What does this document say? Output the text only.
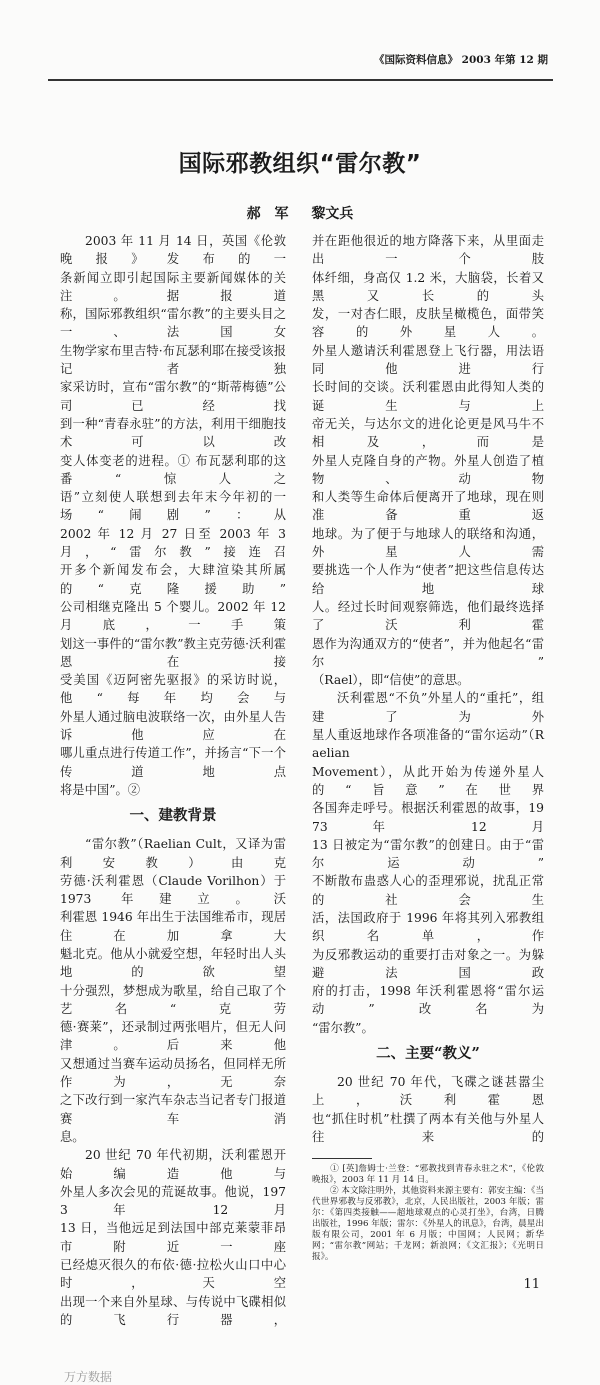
《国际资料信息》 2003 年第 12 期
国际邪教组织“雷尔教”
郝　军 黎文兵
2003 年 11 月 14 日，英国《伦敦晚报》发布的一
条新闻立即引起国际主要新闻媒体的关注。据报道
称，国际邪教组织“雷尔教”的主要头目之一、法国女
生物学家布里吉特·布瓦瑟利耶在接受该报记者独
家采访时，宣布“雷尔教”的“斯蒂梅德”公司已经找
到一种“青春永驻”的方法，利用干细胞技术可以改
变人体变老的进程。① 布瓦瑟利耶的这番“惊人之
语”立刻使人联想到去年末今年初的一场“闹剧”：从
2002 年 12 月 27 日至 2003 年 3 月，“雷尔教”接连召
开多个新闻发布会，大肆渲染其所属的“克隆援助”
公司相继克隆出 5 个婴儿。2002 年 12 月底，一手策
划这一事件的“雷尔教”教主克劳德·沃利霍恩在接
受美国《迈阿密先驱报》的采访时说，他“每年均会与
外星人通过脑电波联络一次，由外星人告诉他应在
哪儿重点进行传道工作”，并扬言“下一个传道地点
将是中国”。②
一、建教背景
“雷尔教”（Raelian Cult，又译为雷利安教）由克
劳德·沃利霍恩（Claude Vorilhon）于 1973 年建立。沃
利霍恩 1946 年出生于法国维希市，现居住在加拿大
魁北克。他从小就爱空想，年轻时出人头地的欲望
十分强烈，梦想成为歌星，给自己取了个艺名“克劳
德·赛莱”，还录制过两张唱片，但无人问津。后来他
又想通过当赛车运动员扬名，但同样无所作为，无奈
之下改行到一家汽车杂志当记者专门报道赛车消
息。
20 世纪 70 年代初期，沃利霍恩开始编造他与
外星人多次会见的荒诞故事。他说，1973 年 12 月
13 日，当他远足到法国中部克莱蒙菲昂市附近一座
已经熄灭很久的布依·德·拉松火山口中心时，天空
出现一个来自外星球、与传说中飞碟相似的飞行器，
万方数据
并在距他很近的地方降落下来，从里面走出一个肢
体纤细，身高仅 1.2 米，大脑袋，长着又黑又长的头
发，一对杏仁眼，皮肤呈橄榄色，面带笑容的外星人。
外星人邀请沃利霍恩登上飞行器，用法语同他进行
长时间的交谈。沃利霍恩由此得知人类的诞生与上
帝无关，与达尔文的进化论更是风马牛不相及，而是
外星人克隆自身的产物。外星人创造了植物、动物
和人类等生命体后便离开了地球，现在则准备重返
地球。为了便于与地球人的联络和沟通，外星人需
要挑选一个人作为“使者”把这些信息传达给地球
人。经过长时间观察筛选，他们最终选择了沃利霍
恩作为沟通双方的“使者”，并为他起名“雷尔”
（Rael），即“信使”的意思。
沃利霍恩“不负”外星人的“重托”，组建了为外
星人重返地球作各项准备的“雷尔运动”（Raelian
Movement），从此开始为传递外星人的“旨意”在世界
各国奔走呼号。根据沃利霍恩的故事，1973 年 12 月
13 日被定为“雷尔教”的创建日。由于“雷尔运动”
不断散布蛊惑人心的歪理邪说，扰乱正常的社会生
活，法国政府于 1996 年将其列入邪教组织名单，作
为反邪教运动的重要打击对象之一。为躲避法国政
府的打击，1998 年沃利霍恩将“雷尔运动”改名为
“雷尔教”。
二、主要“教义”
20 世纪 70 年代，飞碟之谜甚嚣尘上，沃利霍恩
也“抓住时机”杜撰了两本有关他与外星人往来的
① [英]詹姆士·兰登：“邪教找到青春永驻之术”，《伦敦晚报》，2003 年 11 月 14 日。
② 本文除注明外，其他资料来源主要有：郭安主编：《当代世界邪教与反邪教》，北京，人民出版社，2003 年版；雷尔：《第四类接触——超地球观点的心灵打坐》，台湾，日腾出版社，1996 年版；雷尔：《外星人的讯息》，台湾，晨星出版有限公司，2001 年 6 月版；中国网；人民网；新华网；“雷尔教”网站；千龙网；新浪网；《文汇报》；《光明日报》。
11
